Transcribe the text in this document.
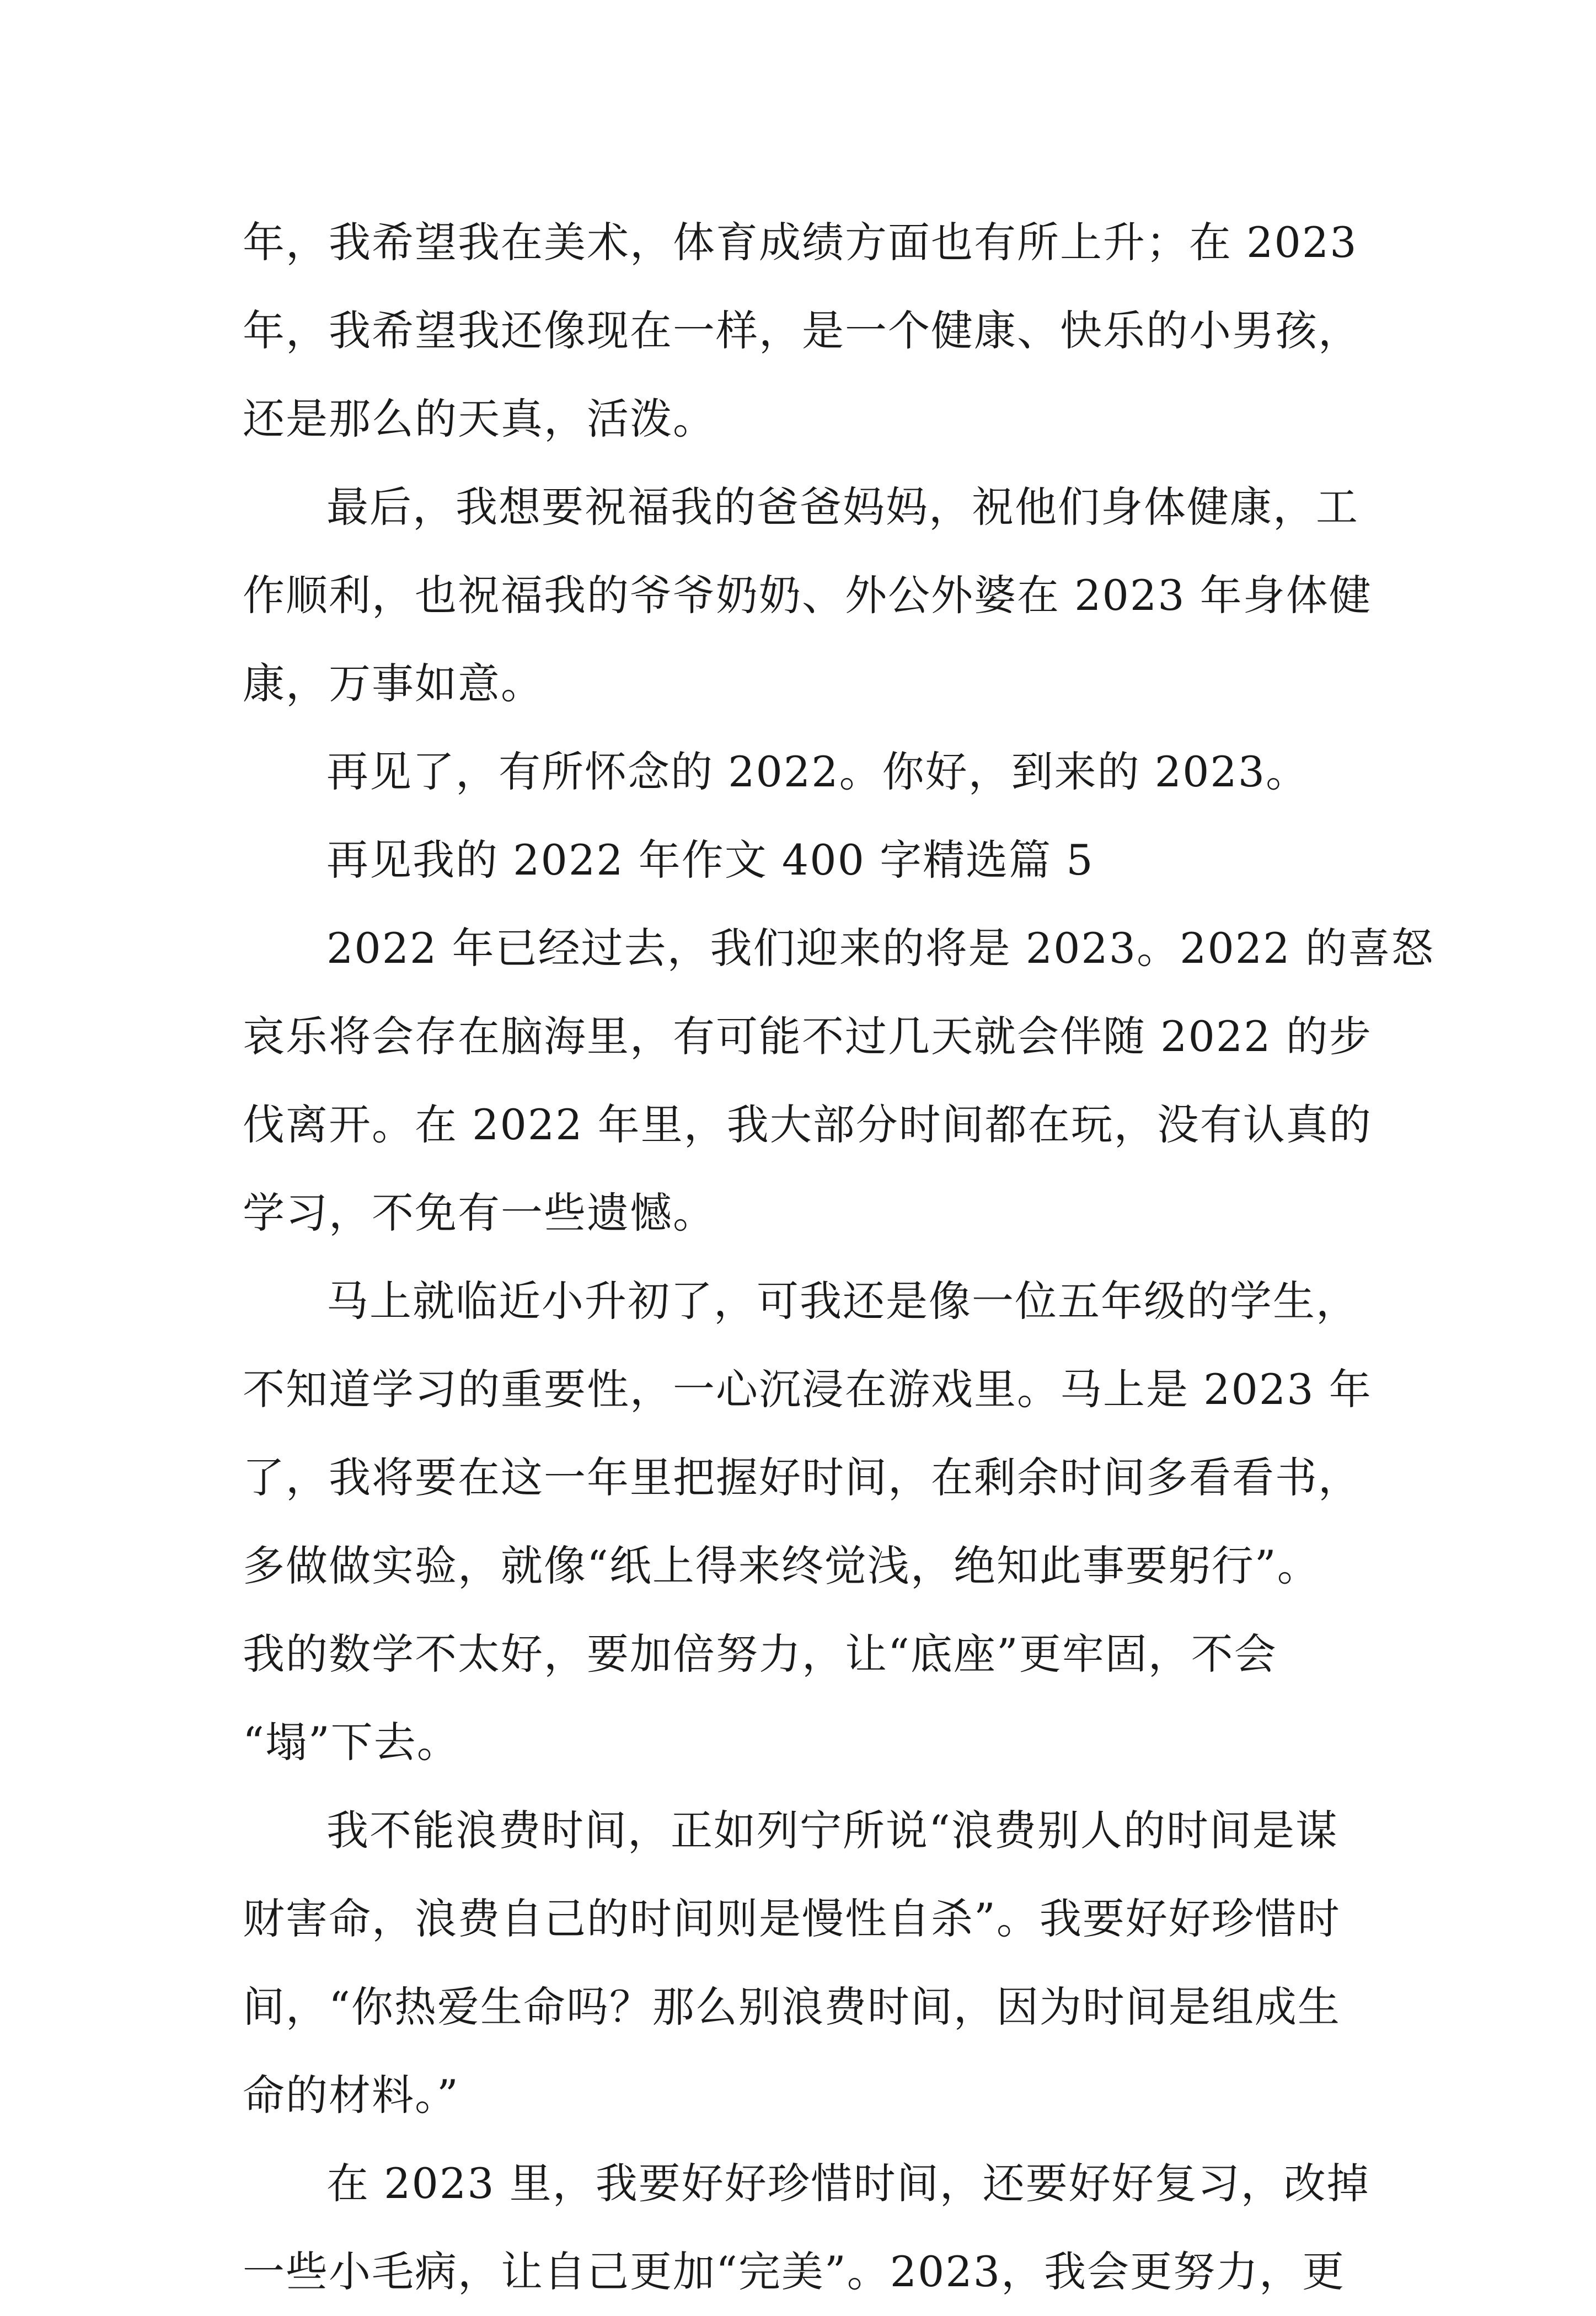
年，我希望我在美术，体育成绩方面也有所上升；在 2023
年，我希望我还像现在一样，是一个健康、快乐的小男孩，
还是那么的天真，活泼。
最后，我想要祝福我的爸爸妈妈，祝他们身体健康，工
作顺利，也祝福我的爷爷奶奶、外公外婆在 2023 年身体健
康，万事如意。
再见了，有所怀念的 2022。你好，到来的 2023。
再见我的 2022 年作文 400 字精选篇 5
2022 年已经过去，我们迎来的将是 2023。2022 的喜怒
哀乐将会存在脑海里，有可能不过几天就会伴随 2022 的步
伐离开。在 2022 年里，我大部分时间都在玩，没有认真的
学习，不免有一些遗憾。
马上就临近小升初了，可我还是像一位五年级的学生，
不知道学习的重要性，一心沉浸在游戏里。马上是 2023 年
了，我将要在这一年里把握好时间，在剩余时间多看看书，
多做做实验，就像“纸上得来终觉浅，绝知此事要躬行”。
我的数学不太好，要加倍努力，让“底座”更牢固，不会
“塌”下去。
我不能浪费时间，正如列宁所说“浪费别人的时间是谋
财害命，浪费自己的时间则是慢性自杀”。我要好好珍惜时
间，“你热爱生命吗？那么别浪费时间，因为时间是组成生
命的材料。”
在 2023 里，我要好好珍惜时间，还要好好复习，改掉
一些小毛病，让自己更加“完美”。2023，我会更努力，更
